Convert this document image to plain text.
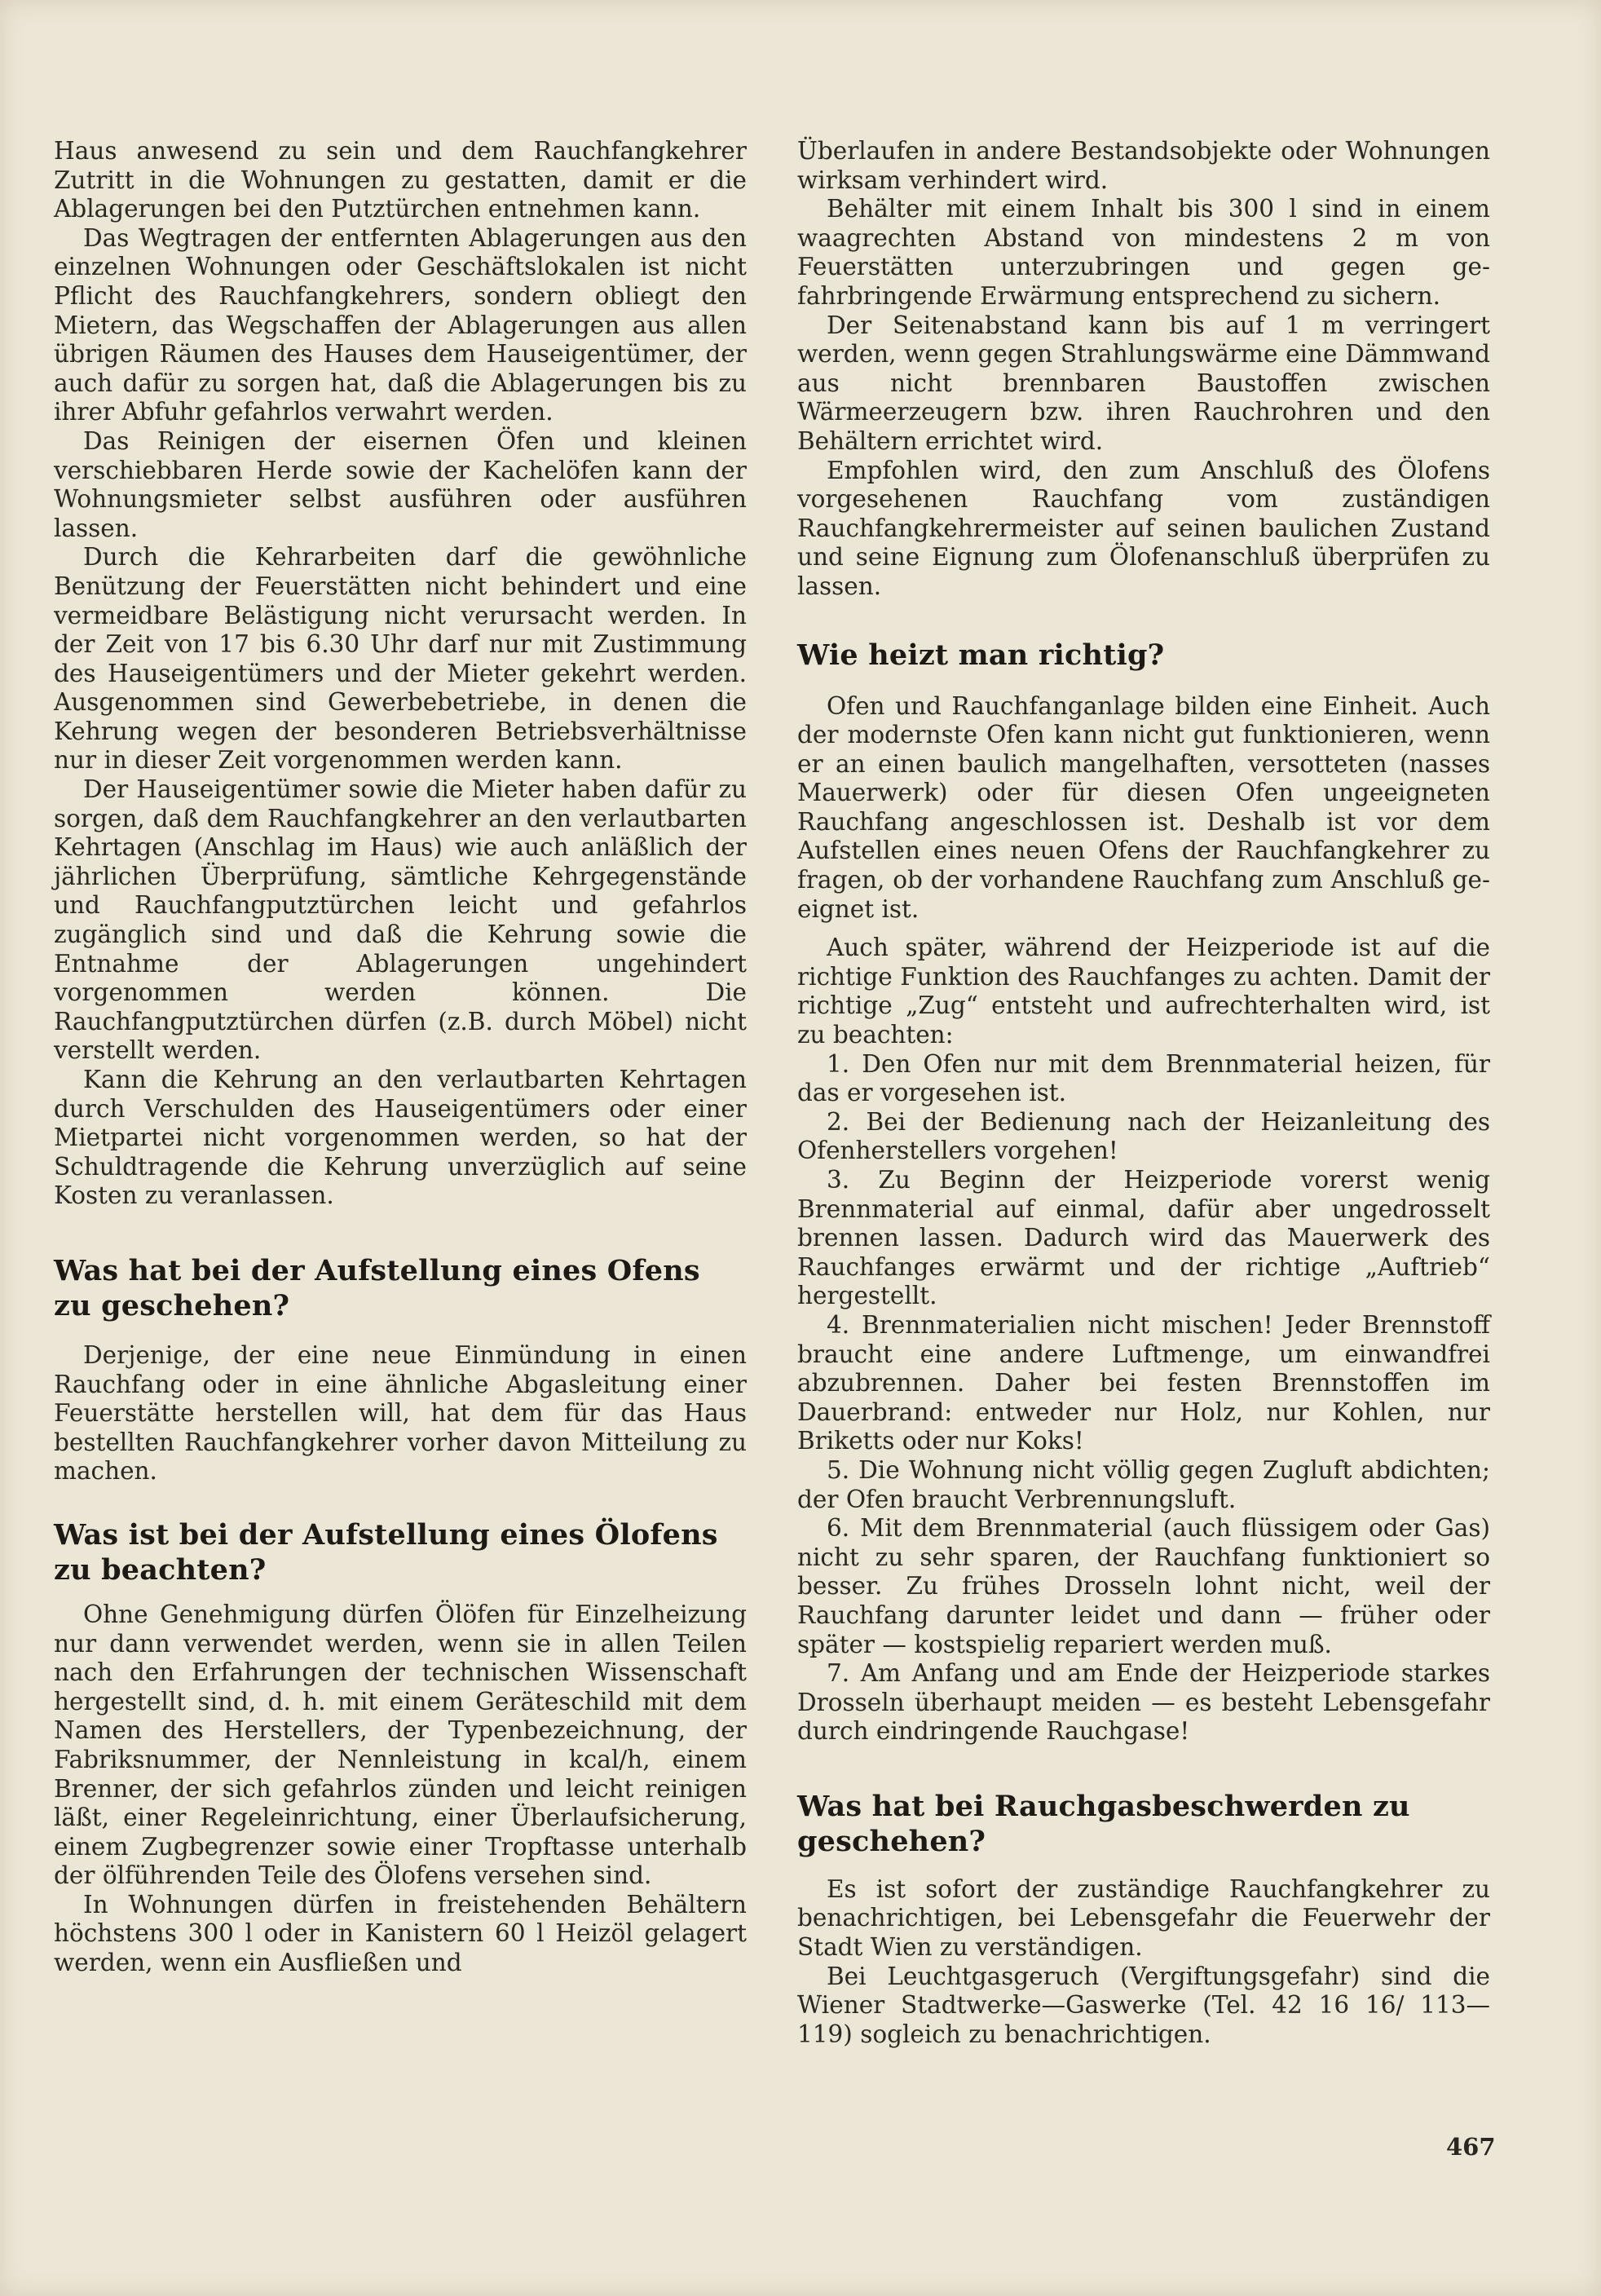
Haus anwesend zu sein und dem Rauchfangkehrer Zutritt in die Wohnungen zu gestatten, damit er die Ablagerungen bei den Putztürchen entnehmen kann.

Das Wegtragen der entfernten Ablagerungen aus den einzelnen Wohnungen oder Geschäftslokalen ist nicht Pflicht des Rauchfangkehrers, sondern obliegt den Mietern, das Wegschaffen der Ablagerungen aus allen übrigen Räumen des Hauses dem Hauseigentümer, der auch dafür zu sorgen hat, daß die Ablagerungen bis zu ihrer Abfuhr gefahrlos verwahrt werden.

Das Reinigen der eisernen Öfen und kleinen verschiebbaren Herde sowie der Kachelöfen kann der Wohnungsmieter selbst ausführen oder ausführen lassen.

Durch die Kehrarbeiten darf die gewöhnliche Benützung der Feuerstätten nicht behindert und eine vermeidbare Belästigung nicht verursacht werden. In der Zeit von 17 bis 6.30 Uhr darf nur mit Zustimmung des Hauseigentümers und der Mieter gekehrt werden. Ausgenommen sind Gewerbebetriebe, in denen die Kehrung wegen der besonderen Betriebsverhältnisse nur in dieser Zeit vorgenommen werden kann.

Der Hauseigentümer sowie die Mieter haben dafür zu sorgen, daß dem Rauchfangkehrer an den verlautbarten Kehrtagen (Anschlag im Haus) wie auch anläßlich der jährlichen Überprüfung, sämtliche Kehrgegenstände und Rauchfangputztürchen leicht und gefahrlos zugänglich sind und daß die Kehrung sowie die Entnahme der Ablagerungen ungehindert vorgenommen werden können. Die Rauchfangputztürchen dürfen (z.B. durch Möbel) nicht verstellt werden.

Kann die Kehrung an den verlautbarten Kehrtagen durch Verschulden des Hauseigentümers oder einer Mietpartei nicht vorgenommen werden, so hat der Schuldtragende die Kehrung unverzüglich auf seine Kosten zu veranlassen.

Was hat bei der Aufstellung eines Ofens zu geschehen?

Derjenige, der eine neue Einmündung in einen Rauchfang oder in eine ähnliche Abgasleitung einer Feuerstätte herstellen will, hat dem für das Haus bestellten Rauchfangkehrer vorher davon Mitteilung zu machen.

Was ist bei der Aufstellung eines Ölofens zu beachten?

Ohne Genehmigung dürfen Ölöfen für Einzelheizung nur dann verwendet werden, wenn sie in allen Teilen nach den Erfahrungen der technischen Wissenschaft hergestellt sind, d. h. mit einem Geräteschild mit dem Namen des Herstellers, der Typenbezeichnung, der Fabriksnummer, der Nennleistung in kcal/h, einem Brenner, der sich gefahrlos zünden und leicht reinigen läßt, einer Regeleinrichtung, einer Überlaufsicherung, einem Zugbegrenzer sowie einer Tropftasse unterhalb der ölführenden Teile des Ölofens versehen sind.

In Wohnungen dürfen in freistehenden Behältern höchstens 300 l oder in Kanistern 60 l Heizöl gelagert werden, wenn ein Ausfließen und

Überlaufen in andere Bestandsobjekte oder Wohnungen wirksam verhindert wird.

Behälter mit einem Inhalt bis 300 l sind in einem waagrechten Abstand von mindestens 2 m von Feuerstätten unterzubringen und gegen gefahrbringende Erwärmung entsprechend zu sichern.

Der Seitenabstand kann bis auf 1 m verringert werden, wenn gegen Strahlungswärme eine Dämmwand aus nicht brennbaren Baustoffen zwischen Wärmeerzeugern bzw. ihren Rauchrohren und den Behältern errichtet wird.

Empfohlen wird, den zum Anschluß des Ölofens vorgesehenen Rauchfang vom zuständigen Rauchfangkehrermeister auf seinen baulichen Zustand und seine Eignung zum Ölofenanschluß überprüfen zu lassen.

Wie heizt man richtig?

Ofen und Rauchfanganlage bilden eine Einheit. Auch der modernste Ofen kann nicht gut funktionieren, wenn er an einen baulich mangelhaften, versotteten (nasses Mauerwerk) oder für diesen Ofen ungeeigneten Rauchfang angeschlossen ist. Deshalb ist vor dem Aufstellen eines neuen Ofens der Rauchfangkehrer zu fragen, ob der vorhandene Rauchfang zum Anschluß geeignet ist.

Auch später, während der Heizperiode ist auf die richtige Funktion des Rauchfanges zu achten. Damit der richtige „Zug“ entsteht und aufrechterhalten wird, ist zu beachten:

1. Den Ofen nur mit dem Brennmaterial heizen, für das er vorgesehen ist.

2. Bei der Bedienung nach der Heizanleitung des Ofenherstellers vorgehen!

3. Zu Beginn der Heizperiode vorerst wenig Brennmaterial auf einmal, dafür aber ungedrosselt brennen lassen. Dadurch wird das Mauerwerk des Rauchfanges erwärmt und der richtige „Auftrieb“ hergestellt.

4. Brennmaterialien nicht mischen! Jeder Brennstoff braucht eine andere Luftmenge, um einwandfrei abzubrennen. Daher bei festen Brennstoffen im Dauerbrand: entweder nur Holz, nur Kohlen, nur Briketts oder nur Koks!

5. Die Wohnung nicht völlig gegen Zugluft abdichten; der Ofen braucht Verbrennungsluft.

6. Mit dem Brennmaterial (auch flüssigem oder Gas) nicht zu sehr sparen, der Rauchfang funktioniert so besser. Zu frühes Drosseln lohnt nicht, weil der Rauchfang darunter leidet und dann — früher oder später — kostspielig repariert werden muß.

7. Am Anfang und am Ende der Heizperiode starkes Drosseln überhaupt meiden — es besteht Lebensgefahr durch eindringende Rauchgase!

Was hat bei Rauchgasbeschwerden zu geschehen?

Es ist sofort der zuständige Rauchfangkehrer zu benachrichtigen, bei Lebensgefahr die Feuerwehr der Stadt Wien zu verständigen.

Bei Leuchtgasgeruch (Vergiftungsgefahr) sind die Wiener Stadtwerke—Gaswerke (Tel. 42 16 16/ 113—119) sogleich zu benachrichtigen.

467
